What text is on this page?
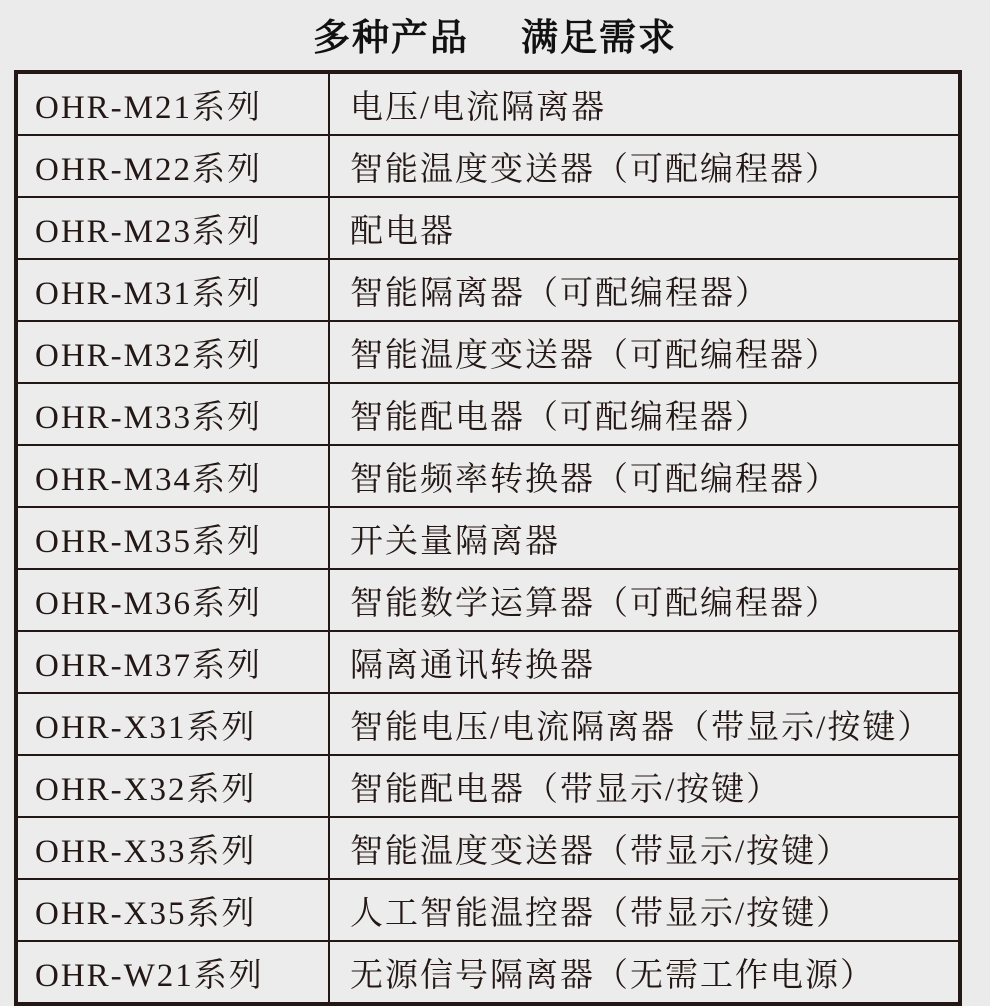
多种产品 满足需求
OHR-M21系列	电压/电流隔离器
OHR-M22系列	智能温度变送器（可配编程器）
OHR-M23系列	配电器
OHR-M31系列	智能隔离器（可配编程器）
OHR-M32系列	智能温度变送器（可配编程器）
OHR-M33系列	智能配电器（可配编程器）
OHR-M34系列	智能频率转换器（可配编程器）
OHR-M35系列	开关量隔离器
OHR-M36系列	智能数学运算器（可配编程器）
OHR-M37系列	隔离通讯转换器
OHR-X31系列	智能电压/电流隔离器（带显示/按键）
OHR-X32系列	智能配电器（带显示/按键）
OHR-X33系列	智能温度变送器（带显示/按键）
OHR-X35系列	人工智能温控器（带显示/按键）
OHR-W21系列	无源信号隔离器（无需工作电源）
